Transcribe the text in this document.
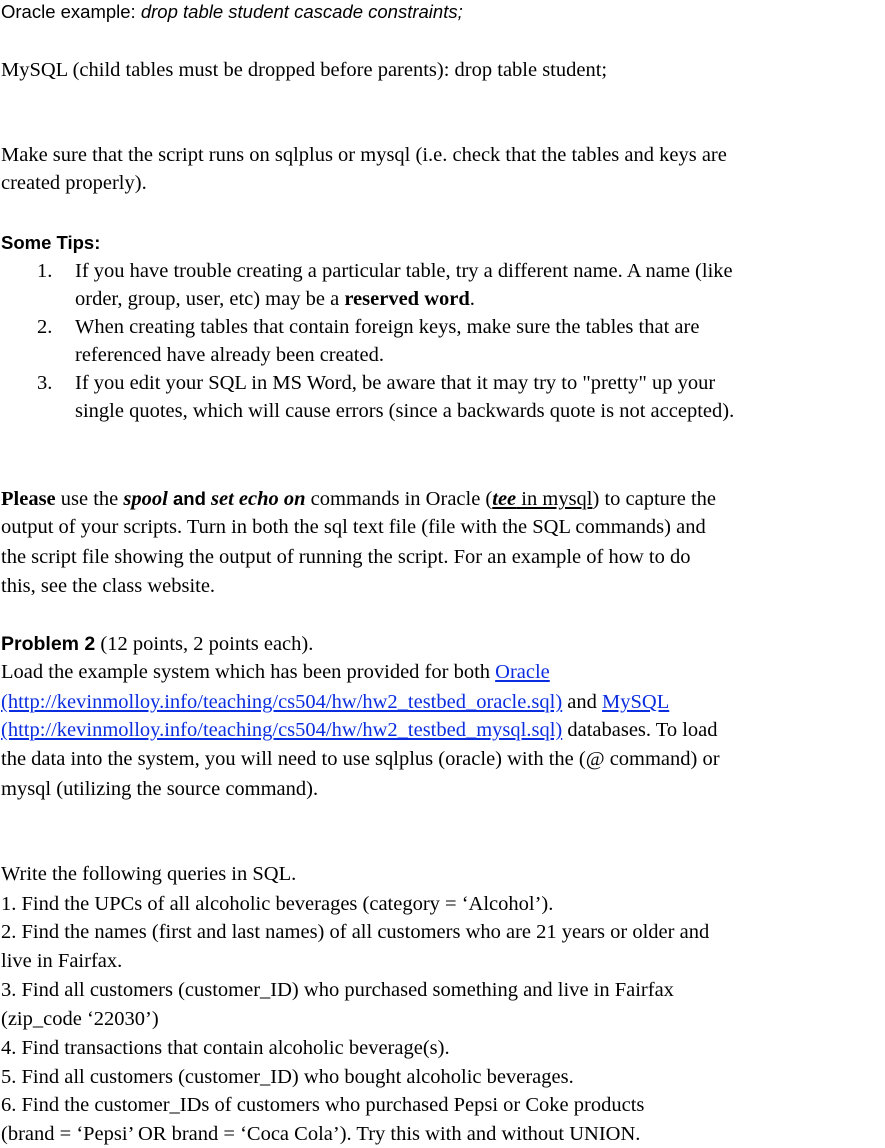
Oracle example: drop table student cascade constraints;
MySQL (child tables must be dropped before parents): drop table student;
Make sure that the script runs on sqlplus or mysql (i.e. check that the tables and keys are
created properly).
Some Tips:
1. If you have trouble creating a particular table, try a different name. A name (like
order, group, user, etc) may be a reserved word.
2. When creating tables that contain foreign keys, make sure the tables that are
referenced have already been created.
3. If you edit your SQL in MS Word, be aware that it may try to "pretty" up your
single quotes, which will cause errors (since a backwards quote is not accepted).
Please use the spool and set echo on commands in Oracle (tee in mysql) to capture the
output of your scripts. Turn in both the sql text file (file with the SQL commands) and
the script file showing the output of running the script. For an example of how to do
this, see the class website.
Problem 2 (12 points, 2 points each).
Load the example system which has been provided for both Oracle
(http://kevinmolloy.info/teaching/cs504/hw/hw2_testbed_oracle.sql) and MySQL
(http://kevinmolloy.info/teaching/cs504/hw/hw2_testbed_mysql.sql) databases. To load
the data into the system, you will need to use sqlplus (oracle) with the (@ command) or
mysql (utilizing the source command).
Write the following queries in SQL.
1. Find the UPCs of all alcoholic beverages (category = ‘Alcohol’).
2. Find the names (first and last names) of all customers who are 21 years or older and
live in Fairfax.
3. Find all customers (customer_ID) who purchased something and live in Fairfax
(zip_code ‘22030’)
4. Find transactions that contain alcoholic beverage(s).
5. Find all customers (customer_ID) who bought alcoholic beverages.
6. Find the customer_IDs of customers who purchased Pepsi or Coke products
(brand = ‘Pepsi’ OR brand = ‘Coca Cola’). Try this with and without UNION.
